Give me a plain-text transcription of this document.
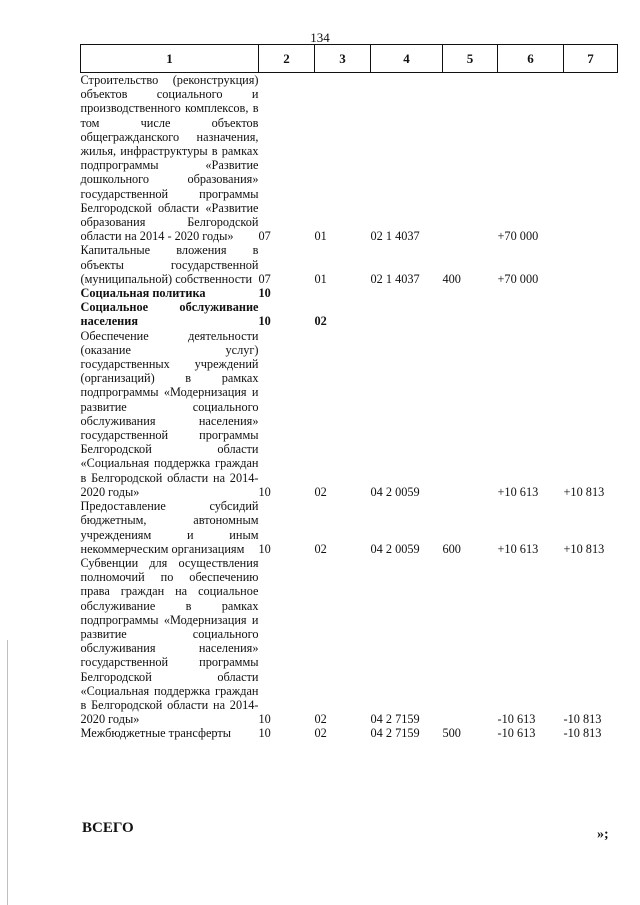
134
1	2	3	4	5	6	7
Строительство (реконструкция) объектов социального и производственного комплексов, в том числе объектов общегражданского назначения, жилья, инфраструктуры в рамках подпрограммы «Развитие дошкольного образования» государственной программы Белгородской области «Развитие образования Белгородской области на 2014 - 2020 годы»	07	01	02 1 4037		+70 000	
Капитальные вложения в объекты государственной (муниципальной) собственности	07	01	02 1 4037	400	+70 000	
Социальная политика	10					
Социальное обслуживание населения	10	02				
Обеспечение деятельности (оказание услуг) государственных учреждений (организаций) в рамках подпрограммы «Модернизация и развитие социального обслуживания населения» государственной программы Белгородской области «Социальная поддержка граждан в Белгородской области на 2014-2020 годы»	10	02	04 2 0059		+10 613	+10 813
Предоставление субсидий бюджетным, автономным учреждениям и иным некоммерческим организациям	10	02	04 2 0059	600	+10 613	+10 813
Субвенции для осуществления полномочий по обеспечению права граждан на социальное обслуживание в рамках подпрограммы «Модернизация и развитие социального обслуживания населения» государственной программы Белгородской области «Социальная поддержка граждан в Белгородской области на 2014-2020 годы»	10	02	04 2 7159		-10 613	-10 813
Межбюджетные трансферты	10	02	04 2 7159	500	-10 613	-10 813
ВСЕГО	»;
